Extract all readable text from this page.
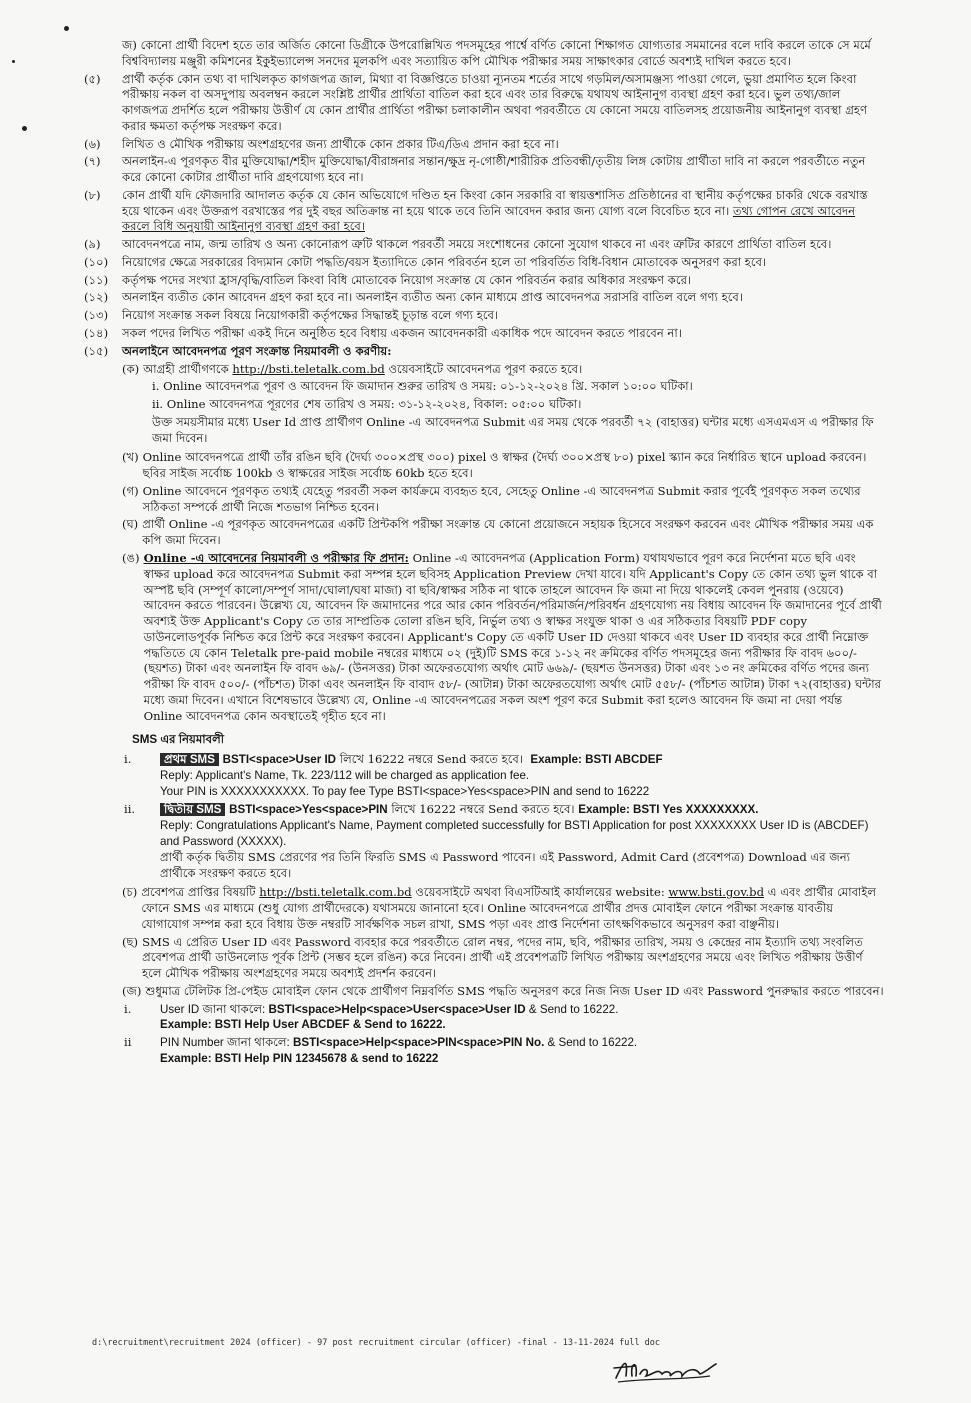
জ) কোনো প্রার্থী বিদেশ হতে তার অর্জিত কোনো ডিগ্রীকে উপরোল্লিখিত পদসমূহের পার্শ্বে বর্ণিত কোনো শিক্ষাগত যোগ্যতার সমমানের বলে দাবি করলে তাকে সে মর্মে বিশ্ববিদ্যালয় মঞ্জুরী কমিশনের ইকুইভ্যালেন্স সনদের মূলকপি এবং সত্যায়িত কপি মৌখিক পরীক্ষার সময় সাক্ষাৎকার বোর্ডে অবশ্যই দাখিল করতে হবে।
(৫)	প্রার্থী কর্তৃক কোন তথ্য বা দাখিলকৃত কাগজপত্র জাল, মিথ্যা বা বিজ্ঞপ্তিতে চাওয়া ন্যূনতম শর্তের সাথে গড়মিল/অসামঞ্জস্য পাওয়া গেলে, ভুয়া প্রমাণিত হলে কিংবা পরীক্ষায় নকল বা অসদুপায় অবলম্বন করলে সংশ্লিষ্ট প্রার্থীর প্রার্থিতা বাতিল করা হবে এবং তার বিরুদ্ধে যথাযথ আইনানুগ ব্যবস্থা গ্রহণ করা হবে। ভুল তথ্য/জাল কাগজপত্র প্রদর্শিত হলে পরীক্ষায় উত্তীর্ণ যে কোন প্রার্থীর প্রার্থিতা পরীক্ষা চলাকালীন অথবা পরবর্তীতে যে কোনো সময়ে বাতিলসহ প্রয়োজনীয় আইনানুগ ব্যবস্থা গ্রহণ করার ক্ষমতা কর্তৃপক্ষ সংরক্ষণ করে।
(৬)	লিখিত ও মৌখিক পরীক্ষায় অংশগ্রহণের জন্য প্রার্থীকে কোন প্রকার টিএ/ডিএ প্রদান করা হবে না।
(৭)	অনলাইন-এ পূরণকৃত বীর মুক্তিযোদ্ধা/শহীদ মুক্তিযোদ্ধা/বীরাঙ্গনার সন্তান/ক্ষুদ্র নৃ-গোষ্ঠী/শারীরিক প্রতিবন্ধী/তৃতীয় লিঙ্গ কোটায় প্রার্থীতা দাবি না করলে পরবর্তীতে নতুন করে কোনো কোটার প্রার্থীতা দাবি গ্রহণযোগ্য হবে না।
(৮)	কোন প্রার্থী যদি ফৌজদারি আদালত কর্তৃক যে কোন অভিযোগে দণ্ডিত হন কিংবা কোন সরকারি বা স্বায়ত্তশাসিত প্রতিষ্ঠানের বা স্থানীয় কর্তৃপক্ষের চাকরি থেকে বরখাস্ত হয়ে থাকেন এবং উক্তরূপ বরখাস্তের পর দুই বছর অতিক্রান্ত না হয়ে থাকে তবে তিনি আবেদন করার জন্য যোগ্য বলে বিবেচিত হবে না। তথ্য গোপন রেখে আবেদন করলে বিধি অনুযায়ী আইনানুগ ব্যবস্থা গ্রহণ করা হবে।
(৯)	আবেদনপত্রে নাম, জন্ম তারিখ ও অন্য কোনোরূপ ত্রুটি থাকলে পরবর্তী সময়ে সংশোধনের কোনো সুযোগ থাকবে না এবং ত্রুটির কারণে প্রার্থিতা বাতিল হবে।
(১০)	নিয়োগের ক্ষেত্রে সরকারের বিদ্যমান কোটা পদ্ধতি/বয়স ইত্যাদিতে কোন পরিবর্তন হলে তা পরিবর্তিত বিধি-বিধান মোতাবেক অনুসরণ করা হবে।
(১১)	কর্তৃপক্ষ পদের সংখ্যা হ্রাস/বৃদ্ধি/বাতিল কিংবা বিধি মোতাবেক নিয়োগ সংক্রান্ত যে কোন পরিবর্তন করার অধিকার সংরক্ষণ করে।
(১২)	অনলাইন ব্যতীত কোন আবেদন গ্রহণ করা হবে না। অনলাইন ব্যতীত অন্য কোন মাধ্যমে প্রাপ্ত আবেদনপত্র সরাসরি বাতিল বলে গণ্য হবে।
(১৩)	নিয়োগ সংক্রান্ত সকল বিষয়ে নিয়োগকারী কর্তৃপক্ষের সিদ্ধান্তই চূড়ান্ত বলে গণ্য হবে।
(১৪)	সকল পদের লিখিত পরীক্ষা একই দিনে অনুষ্ঠিত হবে বিধায় একজন আবেদনকারী একাধিক পদে আবেদন করতে পারবেন না।
(১৫)	অনলাইনে আবেদনপত্র পূরণ সংক্রান্ত নিয়মাবলী ও করণীয়:
(ক) আগ্রহী প্রার্থীগণকে http://bsti.teletalk.com.bd ওয়েবসাইটে আবেদনপত্র পূরণ করতে হবে।
i. Online আবেদনপত্র পূরণ ও আবেদন ফি জমাদান শুরুর তারিখ ও সময়: ০১-১২-২০২৪ খ্রি. সকাল ১০:০০ ঘটিকা।
ii. Online আবেদনপত্র পূরণের শেষ তারিখ ও সময়: ৩১-১২-২০২৪, বিকাল: ০৫:০০ ঘটিকা।
উক্ত সময়সীমার মধ্যে User Id প্রাপ্ত প্রার্থীগণ Online -এ আবেদনপত্র Submit এর সময় থেকে পরবর্তী ৭২ (বাহাত্তর) ঘন্টার মধ্যে এসএমএস এ পরীক্ষার ফি জমা দিবেন।
(খ) Online আবেদনপত্রে প্রার্থী তাঁর রঙিন ছবি (দৈর্ঘ্য ৩০০×প্রস্থ ৩০০) pixel ও স্বাক্ষর (দৈর্ঘ্য ৩০০×প্রস্থ ৮০) pixel স্ক্যান করে নির্ধারিত স্থানে upload করবেন। ছবির সাইজ সর্বোচ্চ 100kb ও স্বাক্ষরের সাইজ সর্বোচ্চ 60kb হতে হবে।
(গ) Online আবেদনে পূরণকৃত তথ্যই যেহেতু পরবর্তী সকল কার্যক্রমে ব্যবহৃত হবে, সেহেতু Online -এ আবেদনপত্র Submit করার পূর্বেই পূরণকৃত সকল তথ্যের সঠিকতা সম্পর্কে প্রার্থী নিজে শতভাগ নিশ্চিত হবেন।
(ঘ) প্রার্থী Online -এ পূরণকৃত আবেদনপত্রের একটি প্রিন্টকপি পরীক্ষা সংক্রান্ত যে কোনো প্রয়োজনে সহায়ক হিসেবে সংরক্ষণ করবেন এবং মৌখিক পরীক্ষার সময় এক কপি জমা দিবেন।
(ঙ) Online -এ আবেদনের নিয়মাবলী ও পরীক্ষার ফি প্রদান: Online -এ আবেদনপত্র (Application Form) যথাযথভাবে পূরণ করে নির্দেশনা মতে ছবি এবং স্বাক্ষর upload করে আবেদনপত্র Submit করা সম্পন্ন হলে ছবিসহ Application Preview দেখা যাবে। যদি Applicant's Copy তে কোন তথ্য ভুল থাকে বা অস্পষ্ট ছবি (সম্পূর্ণ কালো/সম্পূর্ণ সাদা/ঘোলা/ঘষা মাজা) বা ছবি/স্বাক্ষর সঠিক না থাকে তাহলে আবেদন ফি জমা না দিয়ে থাকলেই কেবল পুনরায় (ওয়েবে) আবেদন করতে পারবেন। উল্লেখ্য যে, আবেদন ফি জমাদানের পরে আর কোন পরিবর্তন/পরিমার্জন/পরিবর্ধন গ্রহণযোগ্য নয় বিধায় আবেদন ফি জমাদানের পূর্বে প্রার্থী অবশ্যই উক্ত Applicant's Copy তে তার সাম্প্রতিক তোলা রঙিন ছবি, নির্ভুল তথ্য ও স্বাক্ষর সংযুক্ত থাকা ও এর সঠিকতার বিষয়টি PDF copy ডাউনলোডপূর্বক নিশ্চিত করে প্রিন্ট করে সংরক্ষণ করবেন। Applicant's Copy তে একটি User ID দেওয়া থাকবে এবং User ID ব্যবহার করে প্রার্থী নিম্নোক্ত পদ্ধতিতে যে কোন Teletalk pre-paid mobile নম্বরের মাধ্যমে ০২ (দুই)টি SMS করে ১-১২ নং ক্রমিকের বর্ণিত পদসমূহের জন্য পরীক্ষার ফি বাবদ ৬০০/- (ছয়শত) টাকা এবং অনলাইন ফি বাবদ ৬৯/- (উনসত্তর) টাকা অফেরতযোগ্য অর্থাৎ মোট ৬৬৯/- (ছয়শত উনসত্তর) টাকা এবং ১৩ নং ক্রমিকের বর্ণিত পদের জন্য পরীক্ষা ফি বাবদ ৫০০/- (পাঁচশত) টাকা এবং অনলাইন ফি বাবাদ ৫৮/- (আটান্ন) টাকা অফেরতযোগ্য অর্থাৎ মোট ৫৫৮/- (পাঁচশত আটান্ন) টাকা ৭২(বাহাত্তর) ঘন্টার মধ্যে জমা দিবেন। এখানে বিশেষভাবে উল্লেখ্য যে, Online -এ আবেদনপত্রের সকল অংশ পূরণ করে Submit করা হলেও আবেদন ফি জমা না দেয়া পর্যন্ত Online আবেদনপত্র কোন অবস্থাতেই গৃহীত হবে না।
SMS এর নিয়মাবলী
i.	প্রথম SMS BSTI<space>User ID লিখে 16222 নম্বরে Send করতে হবে। Example: BSTI ABCDEF
Reply: Applicant's Name, Tk. 223/112 will be charged as application fee.
Your PIN is XXXXXXXXXXX. To pay fee Type BSTI<space>Yes<space>PIN and send to 16222
ii.	দ্বিতীয় SMS BSTI<space>Yes<space>PIN লিখে 16222 নম্বরে Send করতে হবে। Example: BSTI Yes XXXXXXXXX.
Reply: Congratulations Applicant's Name, Payment completed successfully for BSTI Application for post XXXXXXXX User ID is (ABCDEF) and Password (XXXXX).
প্রার্থী কর্তৃক দ্বিতীয় SMS প্রেরণের পর তিনি ফিরতি SMS এ Password পাবেন। এই Password, Admit Card (প্রবেশপত্র) Download এর জন্য প্রার্থীকে সংরক্ষণ করতে হবে।
(চ) প্রবেশপত্র প্রাপ্তির বিষয়টি http://bsti.teletalk.com.bd ওয়েবসাইটে অথবা বিএসটিআই কার্যালয়ের website: www.bsti.gov.bd এ এবং প্রার্থীর মোবাইল ফোনে SMS এর মাধ্যমে (শুধু যোগ্য প্রার্থীদেরকে) যথাসময়ে জানানো হবে। Online আবেদনপত্রে প্রার্থীর প্রদত্ত মোবাইল ফোনে পরীক্ষা সংক্রান্ত যাবতীয় যোগাযোগ সম্পন্ন করা হবে বিধায় উক্ত নম্বরটি সার্বক্ষণিক সচল রাখা, SMS পড়া এবং প্রাপ্ত নির্দেশনা তাৎক্ষণিকভাবে অনুসরণ করা বাঞ্ছনীয়।
(ছ) SMS এ প্রেরিত User ID এবং Password ব্যবহার করে পরবর্তীতে রোল নম্বর, পদের নাম, ছবি, পরীক্ষার তারিখ, সময় ও কেন্দ্রের নাম ইত্যাদি তথ্য সংবলিত প্রবেশপত্র প্রার্থী ডাউনলোড পূর্বক প্রিন্ট (সম্ভব হলে রঙিন) করে নিবেন। প্রার্থী এই প্রবেশপত্রটি লিখিত পরীক্ষায় অংশগ্রহণের সময়ে এবং লিখিত পরীক্ষায় উত্তীর্ণ হলে মৌখিক পরীক্ষায় অংশগ্রহণের সময়ে অবশ্যই প্রদর্শন করবেন।
(জ) শুধুমাত্র টেলিটক প্রি-পেইড মোবাইল ফোন থেকে প্রার্থীগণ নিম্নবর্ণিত SMS পদ্ধতি অনুসরণ করে নিজ নিজ User ID এবং Password পুনরুদ্ধার করতে পারবেন।
i.	User ID জানা থাকলে: BSTI<space>Help<space>User<space>User ID & Send to 16222.
Example: BSTI Help User ABCDEF & Send to 16222.
ii	PIN Number জানা থাকলে: BSTI<space>Help<space>PIN<space>PIN No. & Send to 16222.
Example: BSTI Help PIN 12345678 & send to 16222
d:\recruitment\recruitment 2024 (officer) - 97 post recruitment circular (officer) -final - 13-11-2024 full doc
